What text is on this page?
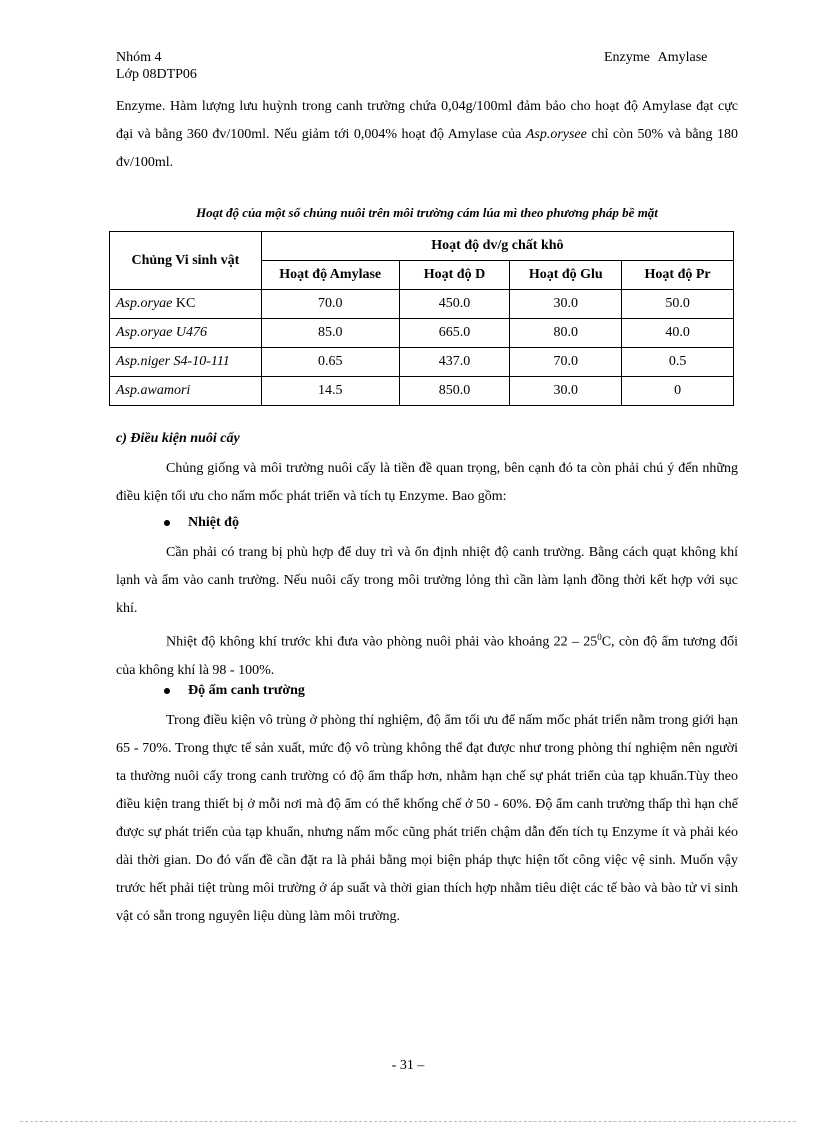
Nhóm 4
Lớp 08DTP06
Enzyme Amylase
Enzyme. Hàm lượng lưu huỳnh trong canh trường chứa 0,04g/100ml đảm bảo cho hoạt độ Amylase đạt cực đại và bằng 360 đv/100ml. Nếu giảm tới 0,004% hoạt độ Amylase của Asp.orysee chỉ còn 50% và bằng 180 đv/100ml.
Hoạt độ của một số chủng nuôi trên môi trường cám lúa mì theo phương pháp bề mặt
Chủng Vi sinh vật	Hoạt độ dv/g chất khô			
	Hoạt độ Amylase	Hoạt độ D	Hoạt độ Glu	Hoạt độ Pr
Asp.oryae KC	70.0	450.0	30.0	50.0
Asp.oryae U476	85.0	665.0	80.0	40.0
Asp.niger S4-10-111	0.65	437.0	70.0	0.5
Asp.awamori	14.5	850.0	30.0	0
c) Điều kiện nuôi cấy
Chủng giống và môi trường nuôi cấy là tiền đề quan trọng, bên cạnh đó ta còn phải chú ý đến những điều kiện tối ưu cho nấm mốc phát triển và tích tụ Enzyme. Bao gồm:
Nhiệt độ
Cần phải có trang bị phù hợp để duy trì và ổn định nhiệt độ canh trường. Bằng cách quạt không khí lạnh và ẩm vào canh trường. Nếu nuôi cấy trong môi trường lỏng thì cần làm lạnh đồng thời kết hợp với sục khí.
Nhiệt độ không khí trước khi đưa vào phòng nuôi phải vào khoảng $22 - 25^0C$, còn độ ẩm tương đối của không khí là 98 - 100%.
Độ ẩm canh trường
Trong điều kiện vô trùng ở phòng thí nghiệm, độ ẩm tối ưu để nấm mốc phát triển nằm trong giới hạn 65 - 70%. Trong thực tế sản xuất, mức độ vô trùng không thể đạt được như trong phòng thí nghiệm nên người ta thường nuôi cấy trong canh trường có độ ẩm thấp hơn, nhằm hạn chế sự phát triển của tạp khuẩn.Tùy theo điều kiện trang thiết bị ở mỗi nơi mà độ ẩm có thể khống chế ở 50 - 60%. Độ ẩm canh trường thấp thì hạn chế được sự phát triển của tạp khuẩn, nhưng nấm mốc cũng phát triển chậm dẫn đến tích tụ Enzyme ít và phải kéo dài thời gian. Do đó vấn đề cần đặt ra là phải bằng mọi biện pháp thực hiện tốt công việc vệ sinh. Muốn vậy trước hết phải tiệt trùng môi trường ở áp suất và thời gian thích hợp nhằm tiêu diệt các tế bào và bào tử vi sinh vật có sẵn trong nguyên liệu dùng làm môi trường.
- 31 –
